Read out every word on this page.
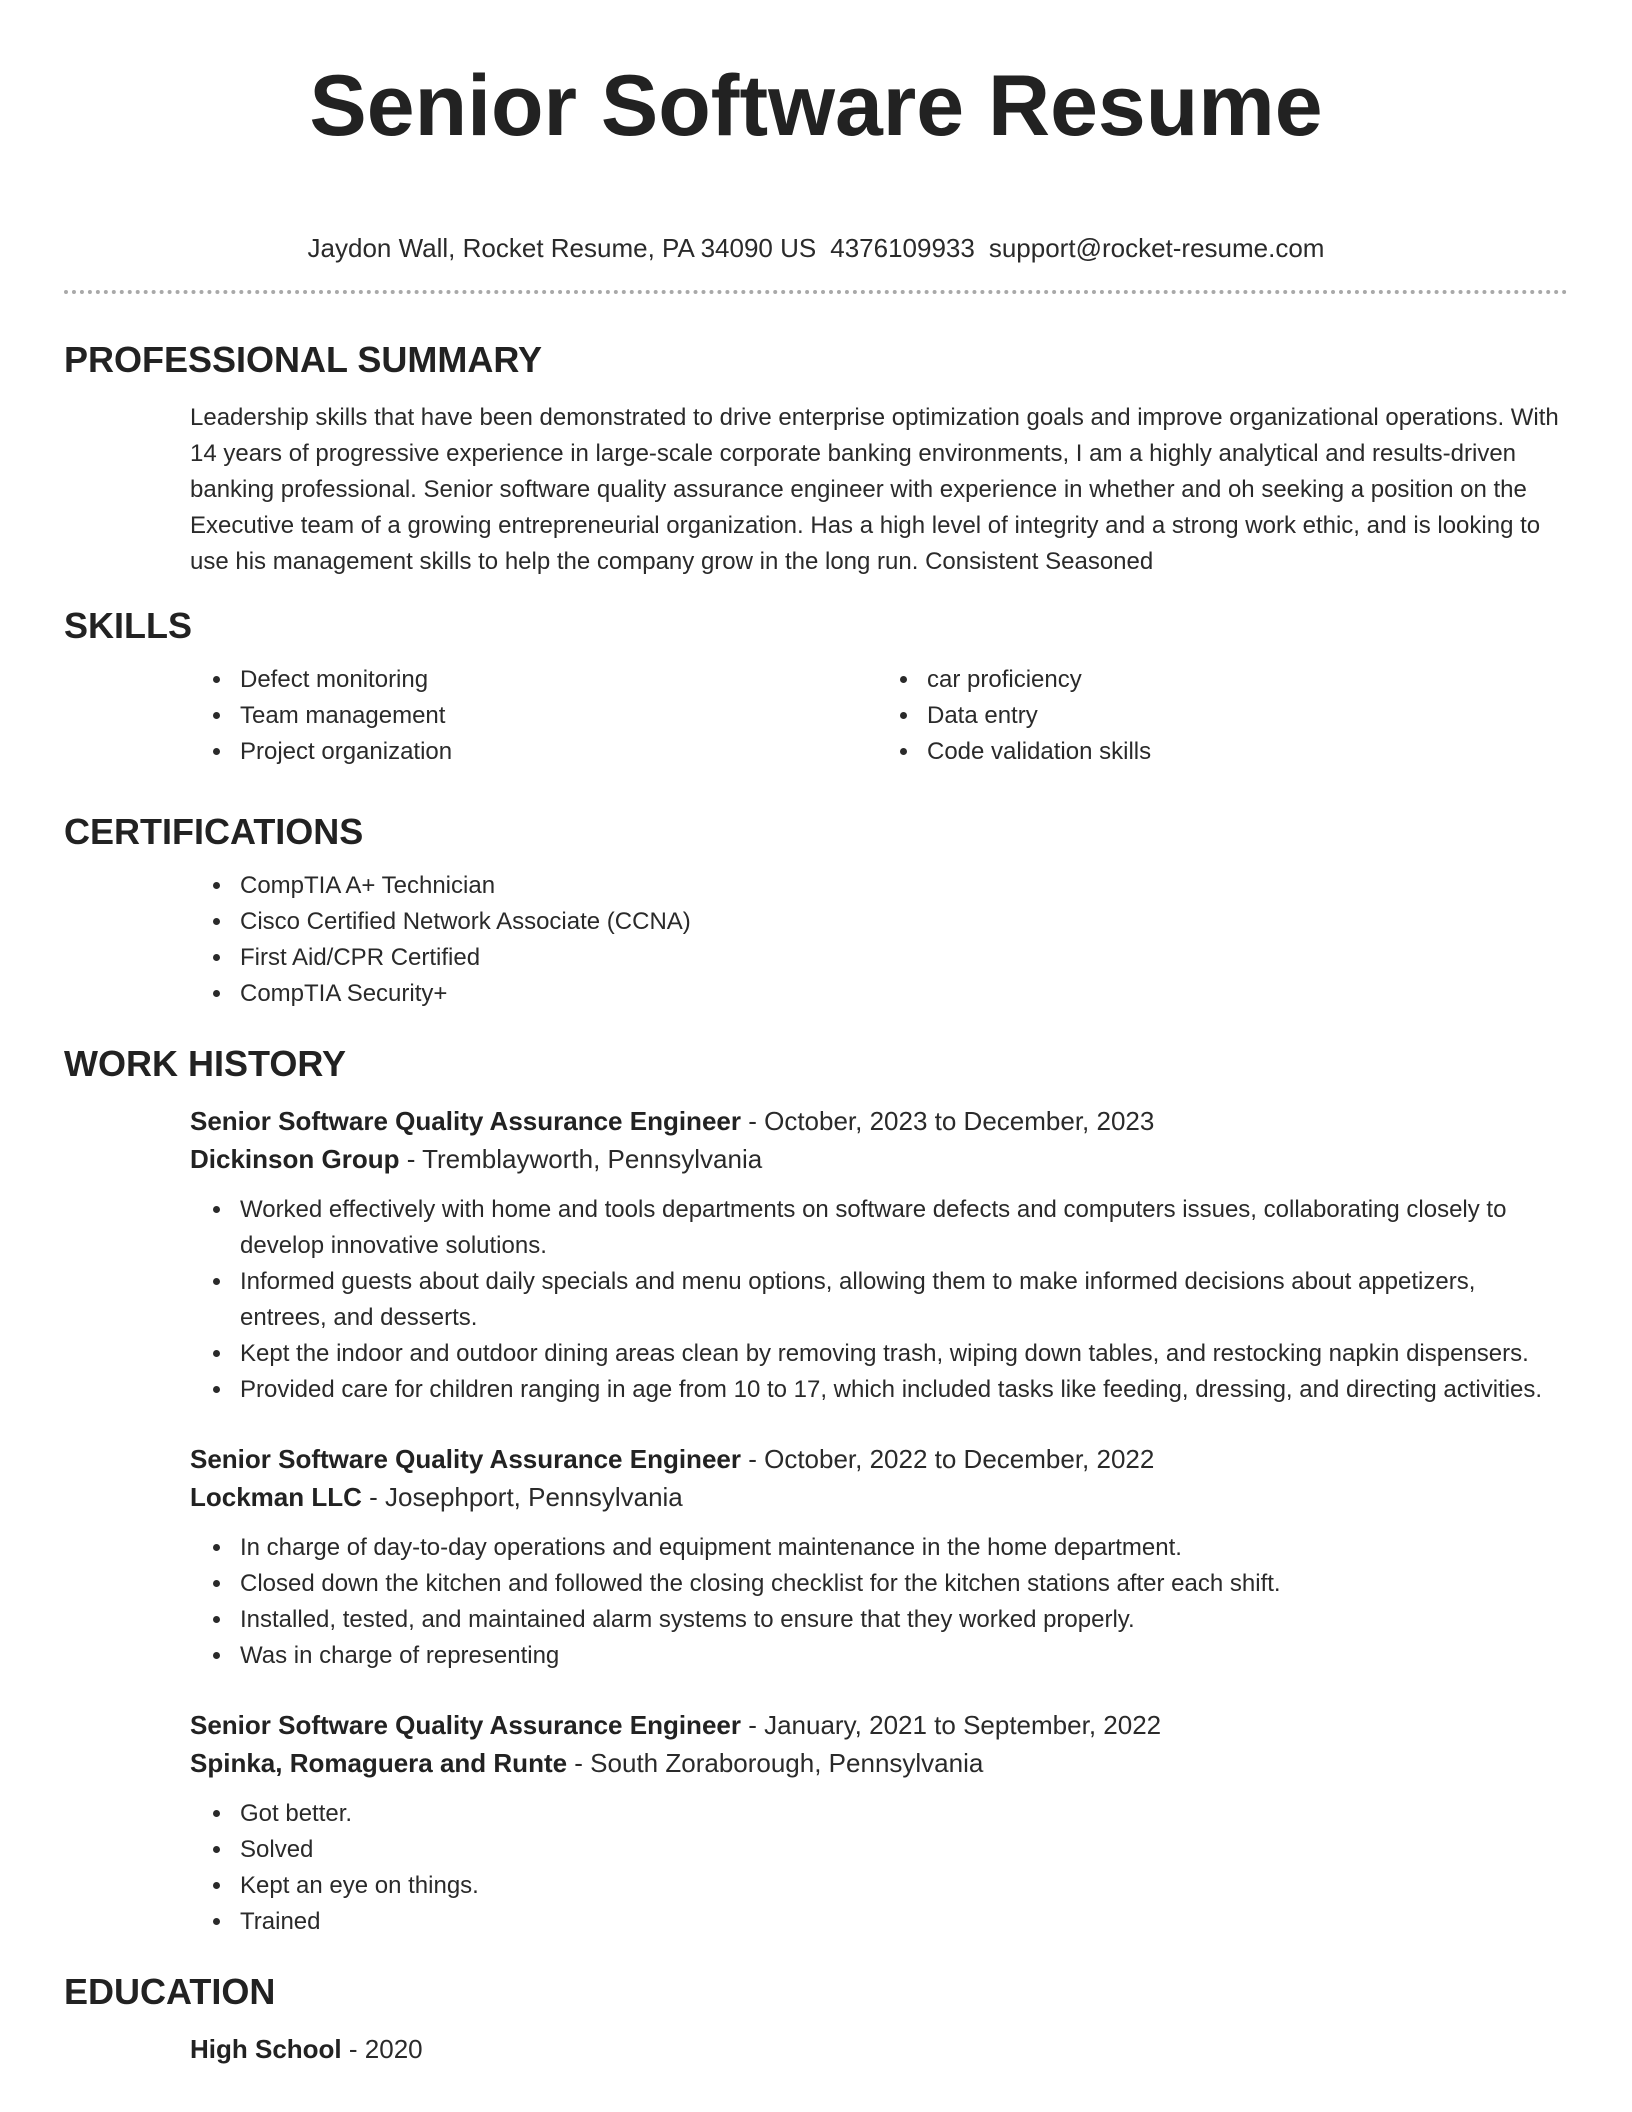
Senior Software Resume
Jaydon Wall, Rocket Resume, PA 34090 US 4376109933 support@rocket-resume.com
PROFESSIONAL SUMMARY

Leadership skills that have been demonstrated to drive enterprise optimization goals and improve organizational operations. With 14 years of progressive experience in large-scale corporate banking environments, I am a highly analytical and results-driven banking professional. Senior software quality assurance engineer with experience in whether and oh seeking a position on the Executive team of a growing entrepreneurial organization. Has a high level of integrity and a strong work ethic, and is looking to use his management skills to help the company grow in the long run. Consistent Seasoned

SKILLS
• Defect monitoring
• Team management
• Project organization
• car proficiency
• Data entry
• Code validation skills
CERTIFICATIONS
• CompTIA A+ Technician
• Cisco Certified Network Associate (CCNA)
• First Aid/CPR Certified
• CompTIA Security+
WORK HISTORY
Senior Software Quality Assurance Engineer - October, 2023 to December, 2023
Dickinson Group - Tremblayworth, Pennsylvania
• Worked effectively with home and tools departments on software defects and computers issues, collaborating closely to develop innovative solutions.
• Informed guests about daily specials and menu options, allowing them to make informed decisions about appetizers, entrees, and desserts.
• Kept the indoor and outdoor dining areas clean by removing trash, wiping down tables, and restocking napkin dispensers.
• Provided care for children ranging in age from 10 to 17, which included tasks like feeding, dressing, and directing activities.
Senior Software Quality Assurance Engineer - October, 2022 to December, 2022
Lockman LLC - Josephport, Pennsylvania
• In charge of day-to-day operations and equipment maintenance in the home department.
• Closed down the kitchen and followed the closing checklist for the kitchen stations after each shift.
• Installed, tested, and maintained alarm systems to ensure that they worked properly.
• Was in charge of representing
Senior Software Quality Assurance Engineer - January, 2021 to September, 2022
Spinka, Romaguera and Runte - South Zoraborough, Pennsylvania
• Got better.
• Solved
• Kept an eye on things.
• Trained
EDUCATION
High School - 2020
